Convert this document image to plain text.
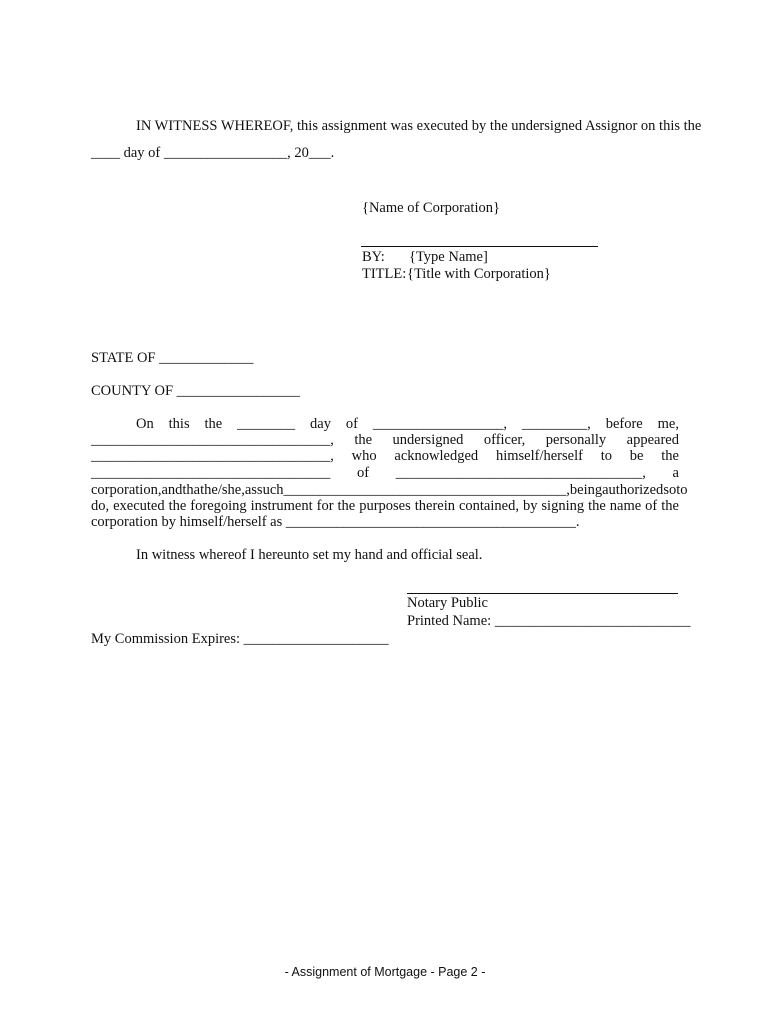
IN WITNESS WHEREOF, this assignment was executed by the undersigned Assignor on this the
____ day of _________________, 20___.
{Name of Corporation}
BY: {Type Name]
TITLE: {Title with Corporation}
STATE OF _____________
COUNTY OF _________________
On this the ________ day of __________________, _________, before me,
_________________________________, the undersigned officer, personally appeared
_________________________________, who acknowledged himself/herself to be the
_________________________________ of __________________________________, a
corporation, and that he/she, as such _______________________________________, being authorized so to
do, executed the foregoing instrument for the purposes therein contained, by signing the name of the
corporation by himself/herself as ________________________________________.
In witness whereof I hereunto set my hand and official seal.
Notary Public
Printed Name: ___________________________
My Commission Expires: ____________________
- Assignment of Mortgage - Page 2 -
